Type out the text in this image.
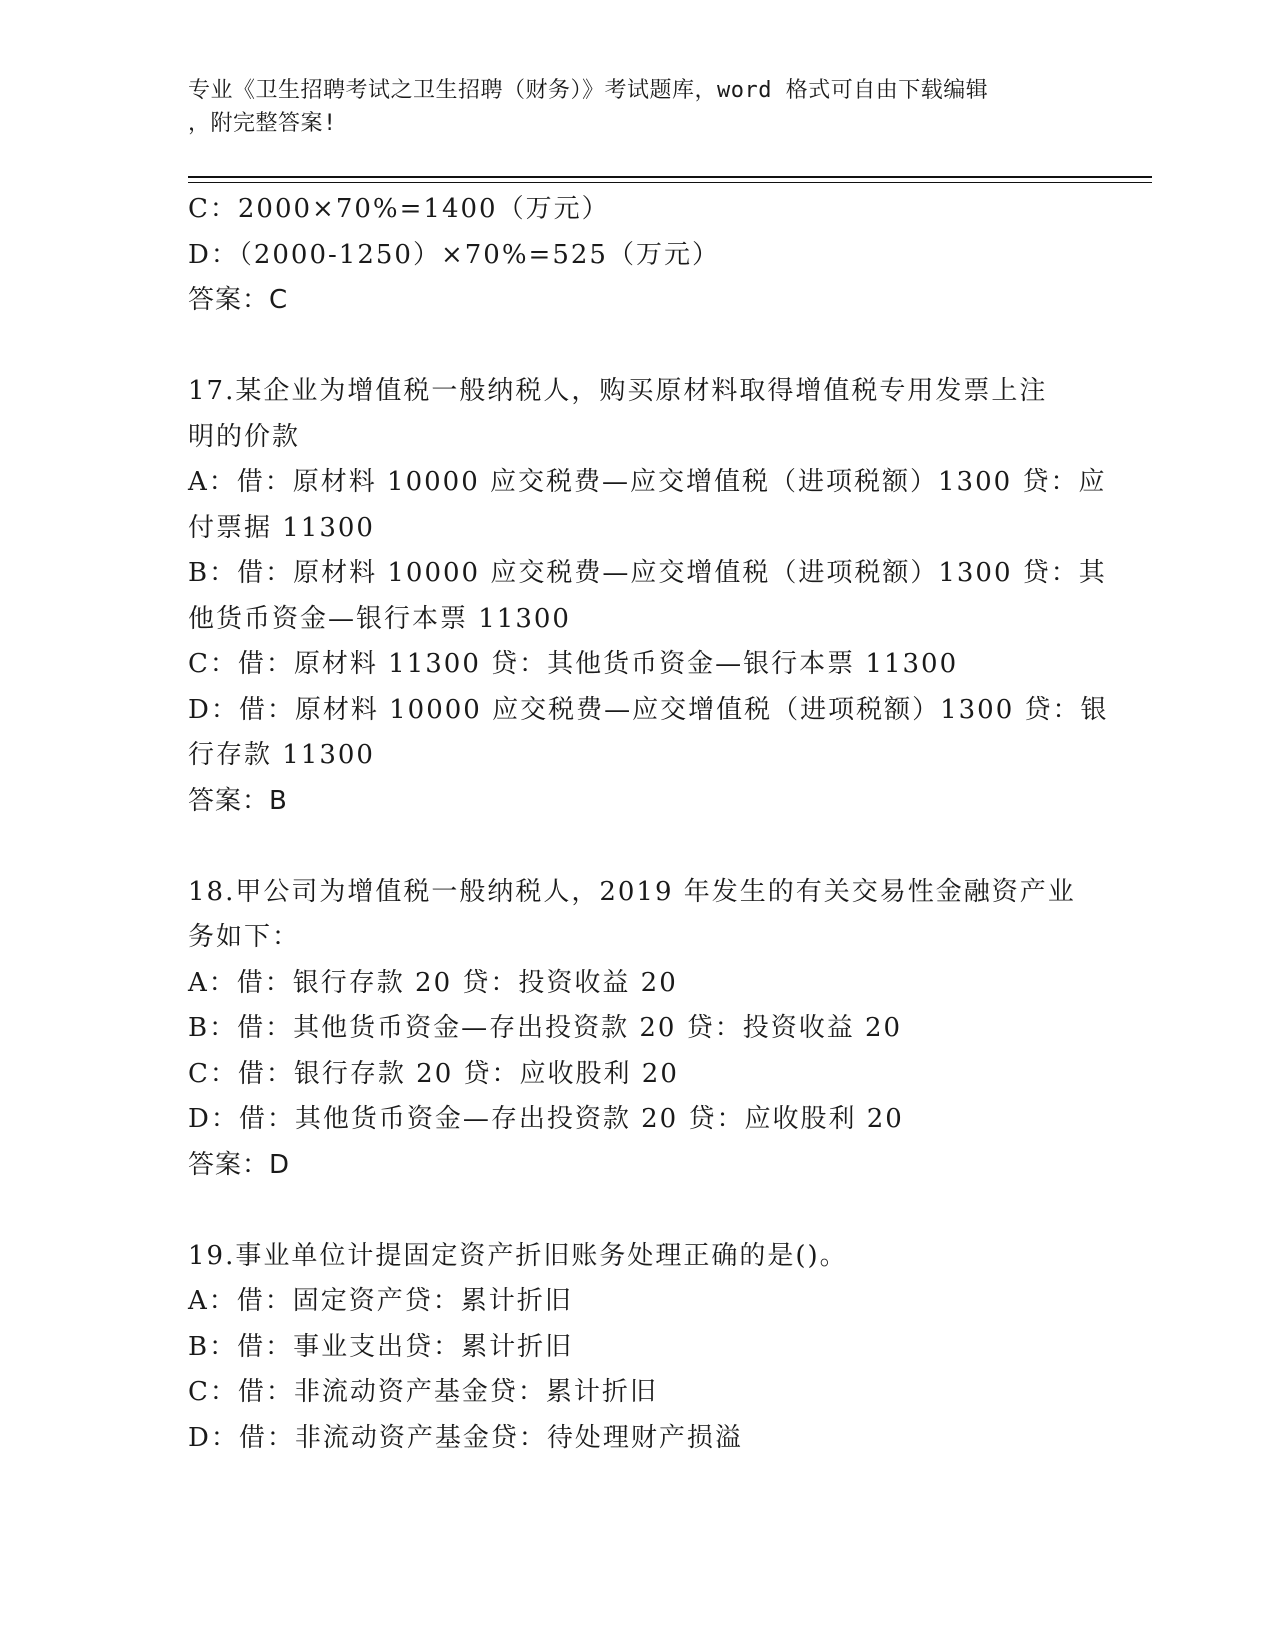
专业《卫生招聘考试之卫生招聘（财务）》考试题库，word 格式可自由下载编辑
，附完整答案!
C：2000×70%=1400（万元）
D：（2000-1250）×70%=525（万元）
答案：C
17.某企业为增值税一般纳税人，购买原材料取得增值税专用发票上注
明的价款
A：借：原材料 10000 应交税费—应交增值税（进项税额）1300 贷：应
付票据 11300
B：借：原材料 10000 应交税费—应交增值税（进项税额）1300 贷：其
他货币资金—银行本票 11300
C：借：原材料 11300 贷：其他货币资金—银行本票 11300
D：借：原材料 10000 应交税费—应交增值税（进项税额）1300 贷：银
行存款 11300
答案：B
18.甲公司为增值税一般纳税人，2019 年发生的有关交易性金融资产业
务如下：
A：借：银行存款 20 贷：投资收益 20
B：借：其他货币资金—存出投资款 20 贷：投资收益 20
C：借：银行存款 20 贷：应收股利 20
D：借：其他货币资金—存出投资款 20 贷：应收股利 20
答案：D
19.事业单位计提固定资产折旧账务处理正确的是()。
A：借：固定资产贷：累计折旧
B：借：事业支出贷：累计折旧
C：借：非流动资产基金贷：累计折旧
D：借：非流动资产基金贷：待处理财产损溢
